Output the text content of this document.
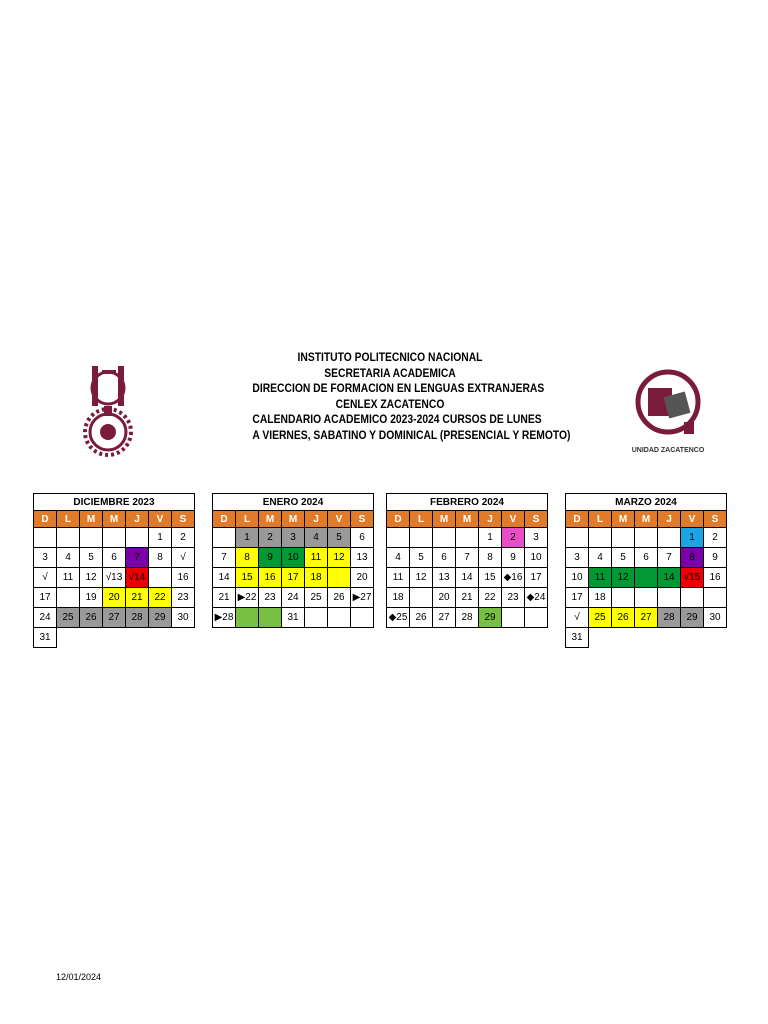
INSTITUTO POLITECNICO NACIONAL
SECRETARIA ACADEMICA
DIRECCION DE FORMACION EN LENGUAS EXTRANJERAS
CENLEX ZACATENCO
CALENDARIO ACADEMICO 2023-2024 CURSOS DE LUNES
A VIERNES, SABATINO Y DOMINICAL (PRESENCIAL Y REMOTO)
UNIDAD ZACATENCO
DICIEMBRE 2023						
D	L	M	M	J	V	S
					1	2
3	4	5	6	7	8	√
√	11	12	√13	√14		16
17		19	20	21	22	23
24	25	26	27	28	29	30
31						
ENERO 2024						
D	L	M	M	J	V	S
	1	2	3	4	5	6
7	8	9	10	11	12	13
14	15	16	17	18		20
21	▶22	23	24	25	26	▶27
▶28			31			
FEBRERO 2024						
D	L	M	M	J	V	S
				1	2	3
4	5	6	7	8	9	10
11	12	13	14	15	◆16	17
18		20	21	22	23	◆24
◆25	26	27	28	29		
MARZO 2024						
D	L	M	M	J	V	S
					1	2
3	4	5	6	7	8	9
10	11	12		14	√15	16
17	18					
√	25	26	27	28	29	30
31						
12/01/2024
